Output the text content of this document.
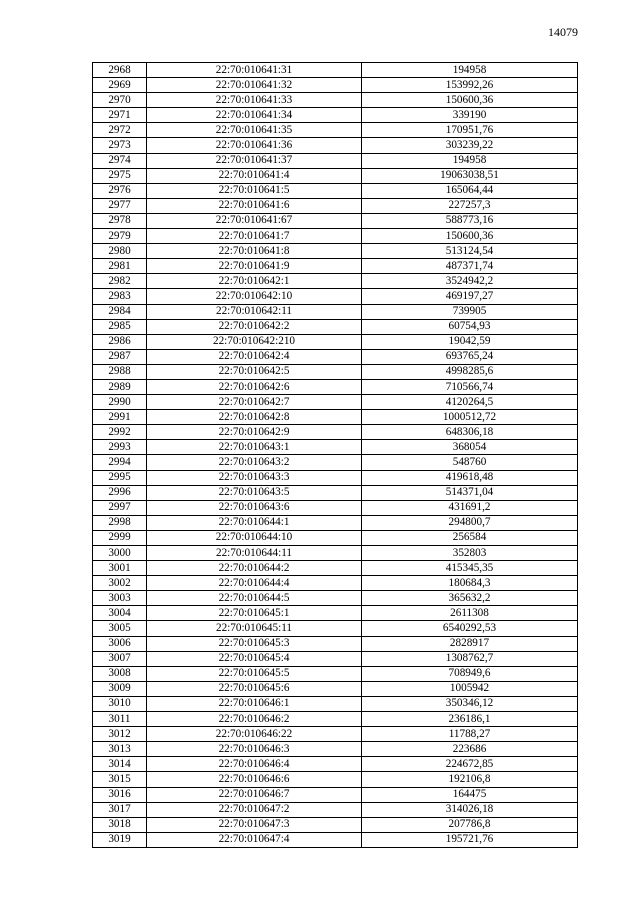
14079
2968	22:70:010641:31	194958
2969	22:70:010641:32	153992,26
2970	22:70:010641:33	150600,36
2971	22:70:010641:34	339190
2972	22:70:010641:35	170951,76
2973	22:70:010641:36	303239,22
2974	22:70:010641:37	194958
2975	22:70:010641:4	19063038,51
2976	22:70:010641:5	165064,44
2977	22:70:010641:6	227257,3
2978	22:70:010641:67	588773,16
2979	22:70:010641:7	150600,36
2980	22:70:010641:8	513124,54
2981	22:70:010641:9	487371,74
2982	22:70:010642:1	3524942,2
2983	22:70:010642:10	469197,27
2984	22:70:010642:11	739905
2985	22:70:010642:2	60754,93
2986	22:70:010642:210	19042,59
2987	22:70:010642:4	693765,24
2988	22:70:010642:5	4998285,6
2989	22:70:010642:6	710566,74
2990	22:70:010642:7	4120264,5
2991	22:70:010642:8	1000512,72
2992	22:70:010642:9	648306,18
2993	22:70:010643:1	368054
2994	22:70:010643:2	548760
2995	22:70:010643:3	419618,48
2996	22:70:010643:5	514371,04
2997	22:70:010643:6	431691,2
2998	22:70:010644:1	294800,7
2999	22:70:010644:10	256584
3000	22:70:010644:11	352803
3001	22:70:010644:2	415345,35
3002	22:70:010644:4	180684,3
3003	22:70:010644:5	365632,2
3004	22:70:010645:1	2611308
3005	22:70:010645:11	6540292,53
3006	22:70:010645:3	2828917
3007	22:70:010645:4	1308762,7
3008	22:70:010645:5	708949,6
3009	22:70:010645:6	1005942
3010	22:70:010646:1	350346,12
3011	22:70:010646:2	236186,1
3012	22:70:010646:22	11788,27
3013	22:70:010646:3	223686
3014	22:70:010646:4	224672,85
3015	22:70:010646:6	192106,8
3016	22:70:010646:7	164475
3017	22:70:010647:2	314026,18
3018	22:70:010647:3	207786,8
3019	22:70:010647:4	195721,76
